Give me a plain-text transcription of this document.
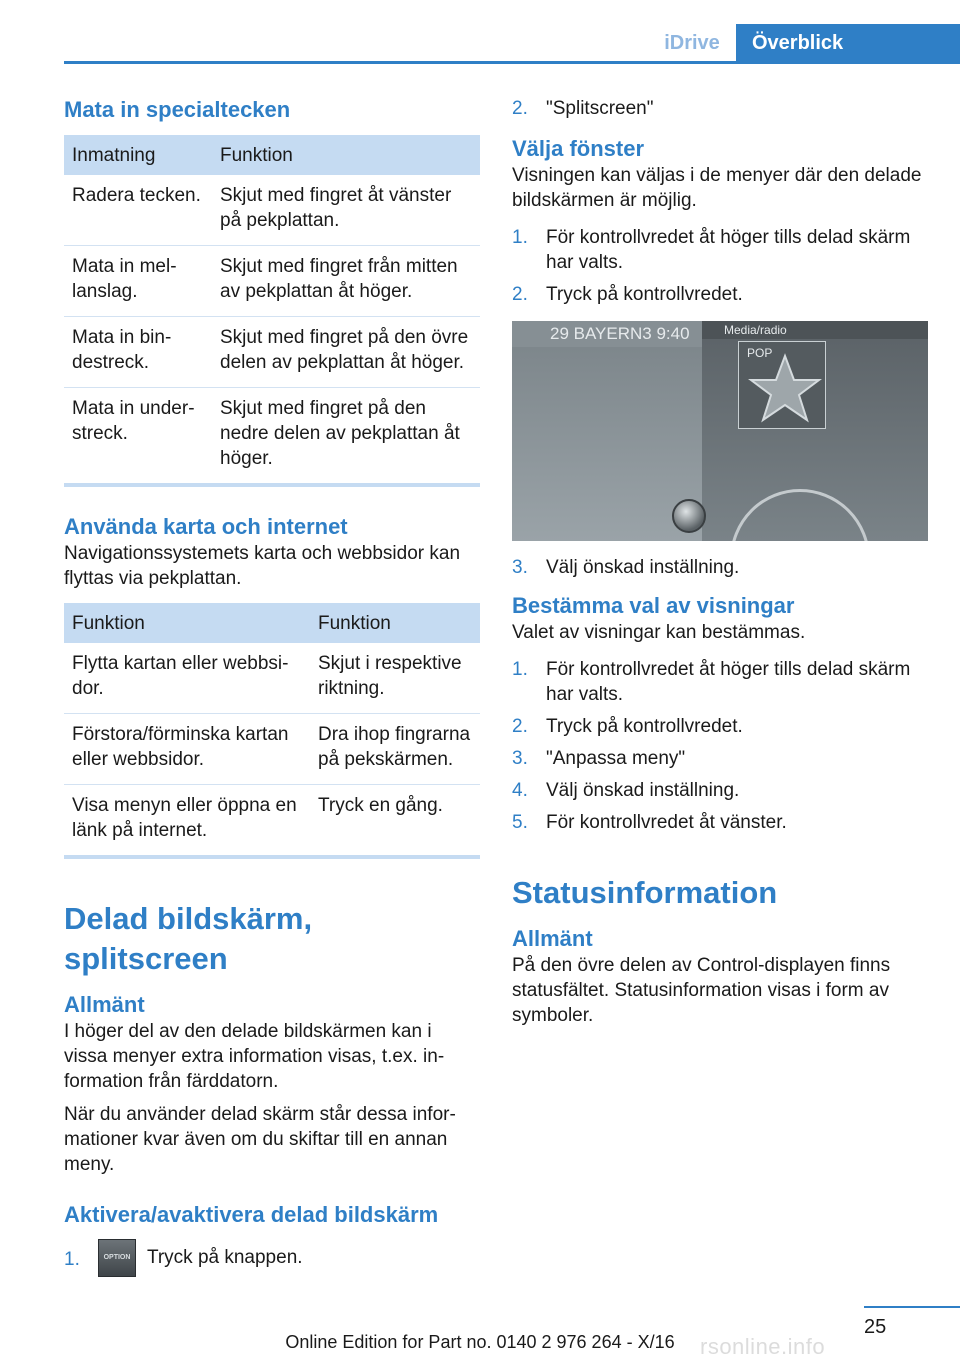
iDrive	Överblick
Mata in specialtecken
Inmatning	Funktion
Radera tecken.	Skjut med fingret åt vänster på pekplattan.
Mata in mellanslag.	Skjut med fingret från mitten av pekplattan åt höger.
Mata in bindestreck.	Skjut med fingret på den övre delen av pekplattan åt höger.
Mata in understreck.	Skjut med fingret på den nedre delen av pekplattan åt höger.
Använda karta och internet

Navigationssystemets karta och webbsidor kan flyttas via pekplattan.

Funktion	Funktion
Flytta kartan eller webbsidor.	Skjut i respektive riktning.
Förstora/förminska kartan eller webbsidor.	Dra ihop fingrarna på pekskärmen.
Visa menyn eller öppna en länk på internet.	Tryck en gång.
Delad bildskärm, splitscreen
Allmänt

I höger del av den delade bildskärmen kan i vissa menyer extra information visas, t.ex. information från färddatorn.

När du använder delad skärm står dessa informationer kvar även om du skiftar till en annan meny.

Aktivera/avaktivera delad bildskärm
1.	OPTION Tryck på knappen.
2. "Splitscreen"
Välja fönster

Visningen kan väljas i de menyer där den delade bildskärmen är möjlig.

1. För kontrollvredet åt höger tills delad skärm har valts.
2. Tryck på kontrollvredet.
29 BAYERN3 9:40	Media/radio
POP
3. Välj önskad inställning.
Bestämma val av visningar

Valet av visningar kan bestämmas.

1. För kontrollvredet åt höger tills delad skärm har valts.
2. Tryck på kontrollvredet.
3. "Anpassa meny"
4. Välj önskad inställning.
5. För kontrollvredet åt vänster.
Statusinformation
Allmänt

På den övre delen av Control-displayen finns statusfältet. Statusinformation visas i form av symboler.

25
rsonline.info
Online Edition for Part no. 0140 2 976 264 - X/16
